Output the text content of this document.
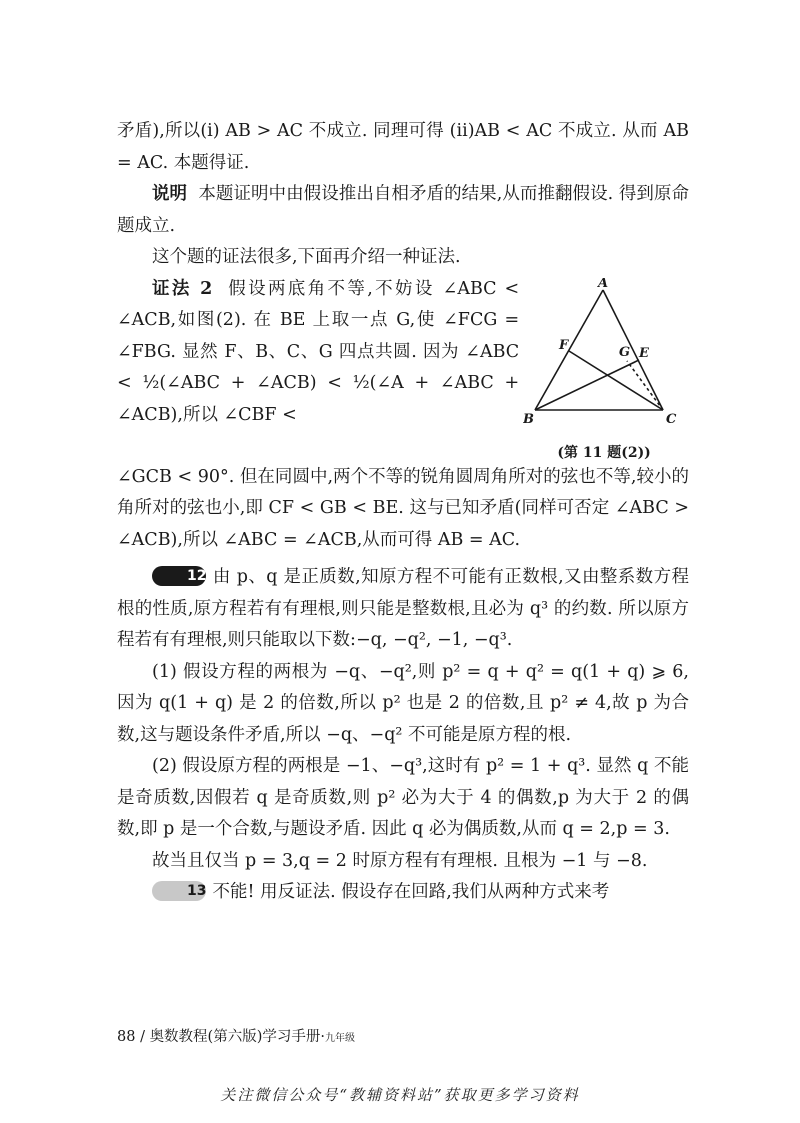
矛盾),所以(i) AB > AC 不成立. 同理可得 (ii)AB < AC 不成立. 从而 AB = AC. 本题得证.

说明 本题证明中由假设推出自相矛盾的结果,从而推翻假设. 得到原命题成立.

这个题的证法很多,下面再介绍一种证法.

证法 2 假设两底角不等,不妨设 ∠ABC < ∠ACB,如图(2). 在 BE 上取一点 G,使 ∠FCG = ∠FBG. 显然 F、B、C、G 四点共圆. 因为 ∠ABC < ½(∠ABC + ∠ACB) < ½(∠A + ∠ABC + ∠ACB),所以 ∠CBF <

A
B	C
F	G E
(第 11 题(2))

∠GCB < 90°. 但在同圆中,两个不等的锐角圆周角所对的弦也不等,较小的角所对的弦也小,即 CF < GB < BE. 这与已知矛盾(同样可否定 ∠ABC > ∠ACB),所以 ∠ABC = ∠ACB,从而可得 AB = AC.

12 由 p、q 是正质数,知原方程不可能有正数根,又由整系数方程根的性质,原方程若有有理根,则只能是整数根,且必为 q³ 的约数. 所以原方程若有有理根,则只能取以下数:−q, −q², −1, −q³.

(1) 假设方程的两根为 −q、−q²,则 p² = q + q² = q(1 + q) ⩾ 6,因为 q(1 + q) 是 2 的倍数,所以 p² 也是 2 的倍数,且 p² ≠ 4,故 p 为合数,这与题设条件矛盾,所以 −q、−q² 不可能是原方程的根.

(2) 假设原方程的两根是 −1、−q³,这时有 p² = 1 + q³. 显然 q 不能是奇质数,因假若 q 是奇质数,则 p² 必为大于 4 的偶数,p 为大于 2 的偶数,即 p 是一个合数,与题设矛盾. 因此 q 必为偶质数,从而 q = 2,p = 3.

故当且仅当 p = 3,q = 2 时原方程有有理根. 且根为 −1 与 −8.

13 不能! 用反证法. 假设存在回路,我们从两种方式来考

88 / 奥数教程(第六版)学习手册·九年级
关注微信公众号“教辅资料站”获取更多学习资料
